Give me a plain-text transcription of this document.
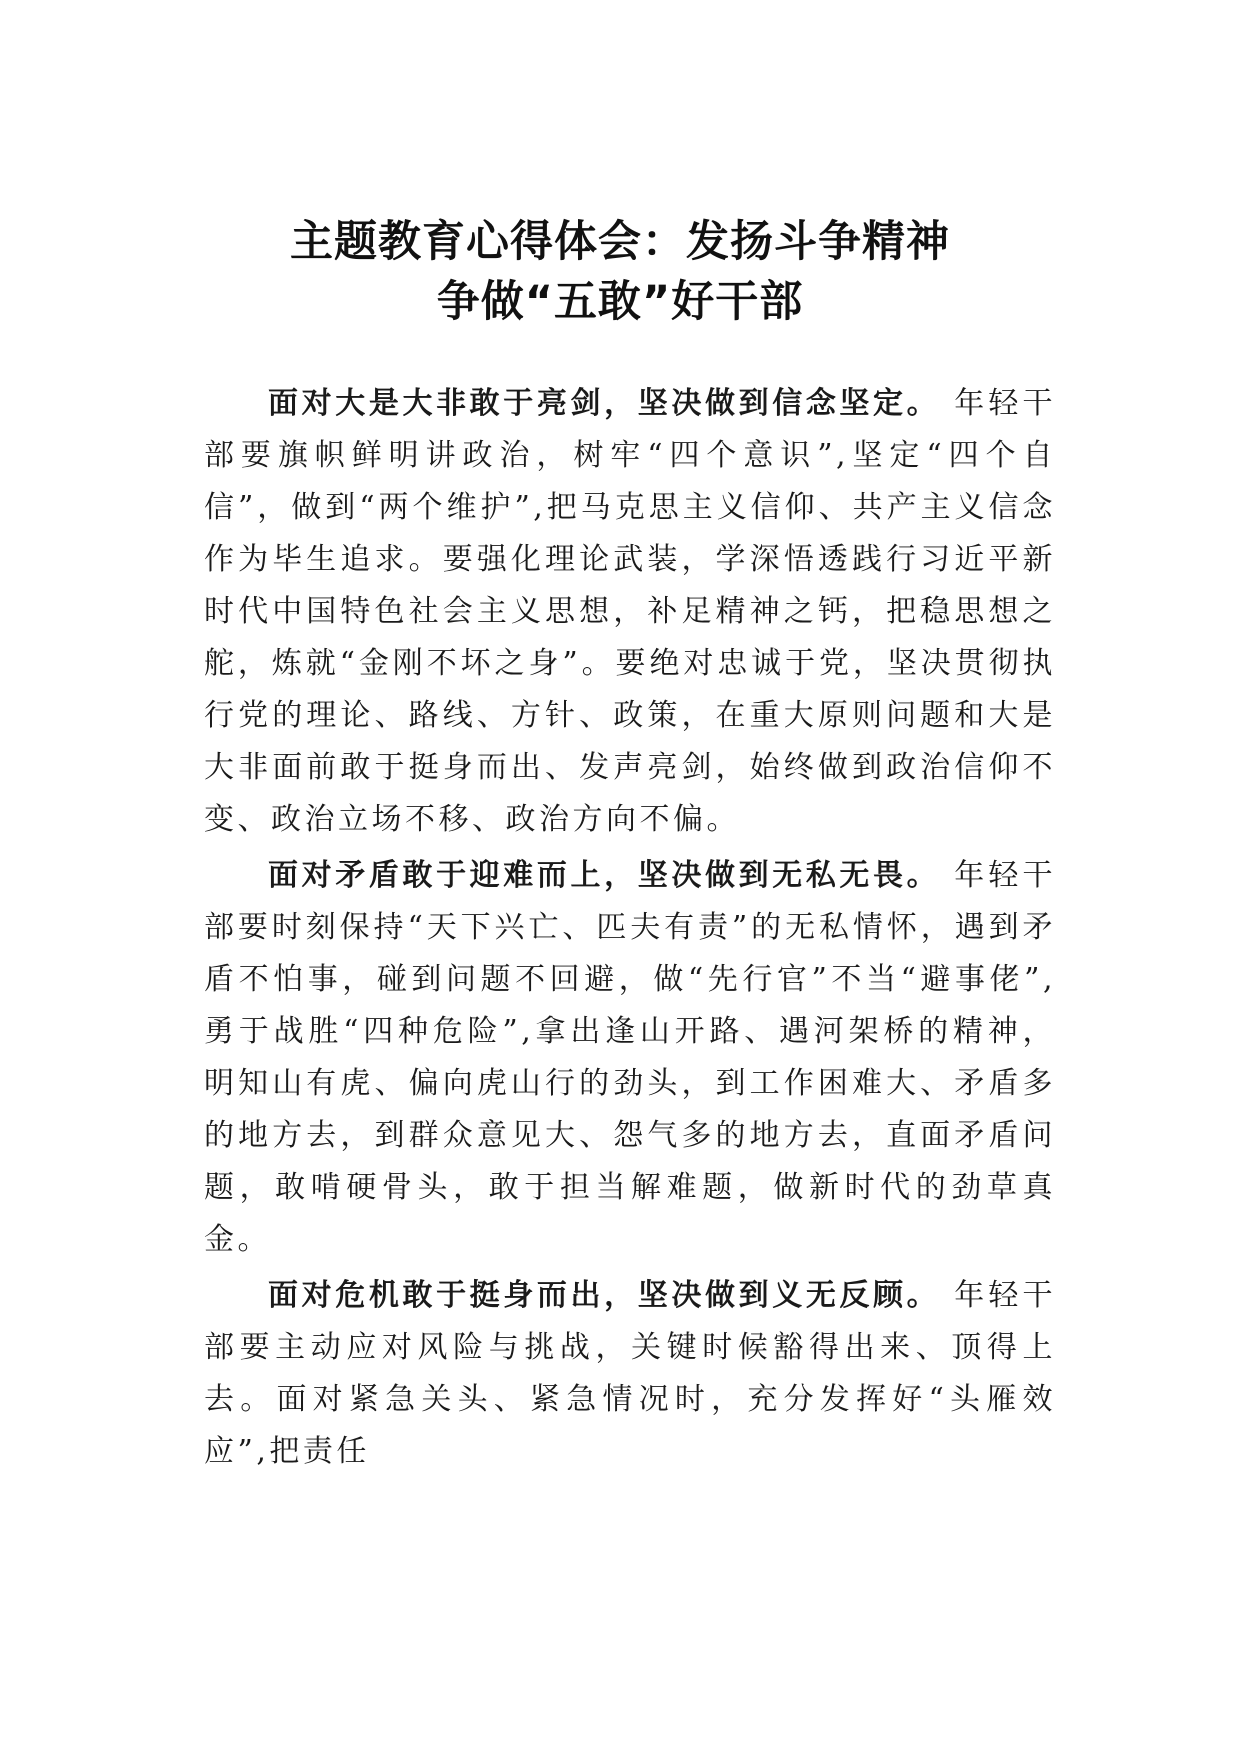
主题教育心得体会：发扬斗争精神
争做“五敢”好干部

面对大是大非敢于亮剑，坚决做到信念坚定。 年轻干部要旗帜鲜明讲政治，树牢“四个意识”,坚定“四个自信”，做到“两个维护”,把马克思主义信仰、共产主义信念作为毕生追求。要强化理论武装，学深悟透践行习近平新时代中国特色社会主义思想，补足精神之钙，把稳思想之舵，炼就“金刚不坏之身”。要绝对忠诚于党，坚决贯彻执行党的理论、路线、方针、政策，在重大原则问题和大是大非面前敢于挺身而出、发声亮剑，始终做到政治信仰不变、政治立场不移、政治方向不偏。

面对矛盾敢于迎难而上，坚决做到无私无畏。 年轻干部要时刻保持“天下兴亡、匹夫有责”的无私情怀，遇到矛盾不怕事，碰到问题不回避，做“先行官”不当“避事佬”,勇于战胜“四种危险”,拿出逢山开路、遇河架桥的精神，明知山有虎、偏向虎山行的劲头，到工作困难大、矛盾多的地方去，到群众意见大、怨气多的地方去，直面矛盾问题，敢啃硬骨头，敢于担当解难题，做新时代的劲草真金。

面对危机敢于挺身而出，坚决做到义无反顾。 年轻干部要主动应对风险与挑战，关键时候豁得出来、顶得上去。面对紧急关头、紧急情况时，充分发挥好“头雁效应”,把责任
